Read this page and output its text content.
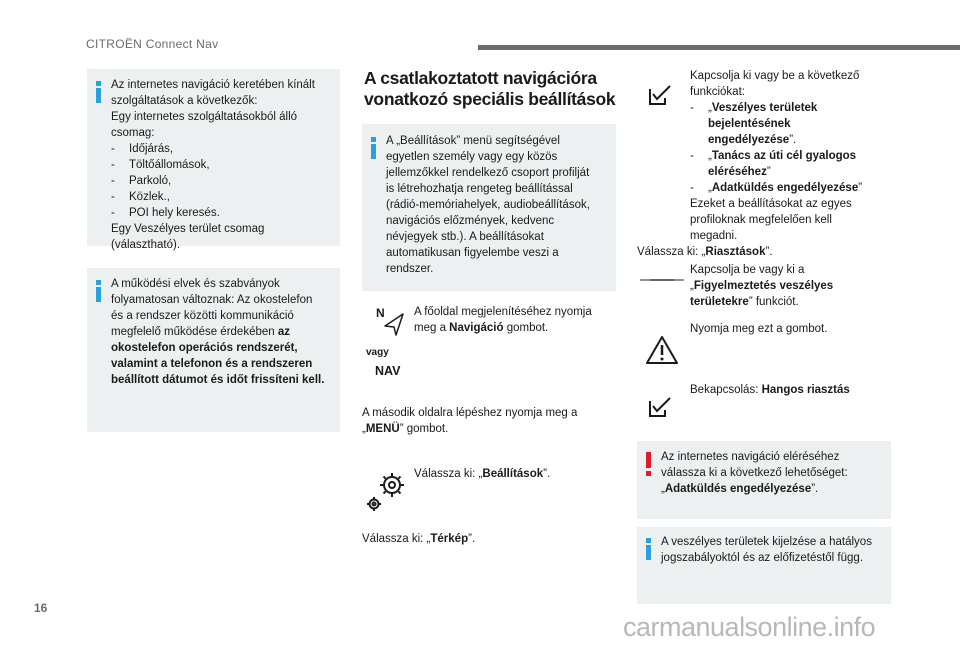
CITROËN Connect Nav
Az internetes navigáció keretében kínált
szolgáltatások a következők:
Egy internetes szolgáltatásokból álló
csomag:
-	Időjárás,
-	Töltőállomások,
-	Parkoló,
-	Közlek.,
-	POI hely keresés.
Egy Veszélyes terület csomag (választható).
A működési elvek és szabványok
folyamatosan változnak: Az okostelefon
és a rendszer közötti kommunikáció
megfelelő működése érdekében az
okostelefon operációs rendszerét,
valamint a telefonon és a rendszeren
beállított dátumot és időt frissíteni kell.
A csatlakoztatott navigációra
vonatkozó speciális beállítások
A „Beállítások” menü segítségével
egyetlen személy vagy egy közös
jellemzőkkel rendelkező csoport profilját
is létrehozhatja rengeteg beállítással
(rádió-memóriahelyek, audiobeállítások,
navigációs előzmények, kedvenc
névjegyek stb.). A beállításokat
automatikusan figyelembe veszi a
rendszer.
N
vagy
NAV
A főoldal megjelenítéséhez nyomja
meg a Navigáció gombot.
A második oldalra lépéshez nyomja meg a
„MENÜ” gombot.
Válassza ki: „Beállítások”.
Válassza ki: „Térkép”.
Kapcsolja ki vagy be a következő
funkciókat:
-	„Veszélyes területek
bejelentésének
engedélyezése”.
-	„Tanács az úti cél gyalogos
eléréséhez”
-	„Adatküldés engedélyezése”
Ezeket a beállításokat az egyes
profiloknak megfelelően kell
megadni.
Válassza ki: „Riasztások”.
Kapcsolja be vagy ki a
„Figyelmeztetés veszélyes
területekre” funkciót.
Nyomja meg ezt a gombot.
Bekapcsolás: Hangos riasztás
Az internetes navigáció eléréséhez
válassza ki a következő lehetőséget:
„Adatküldés engedélyezése”.
A veszélyes területek kijelzése a hatályos
jogszabályoktól és az előfizetéstől függ.
16
carmanualsonline.info
